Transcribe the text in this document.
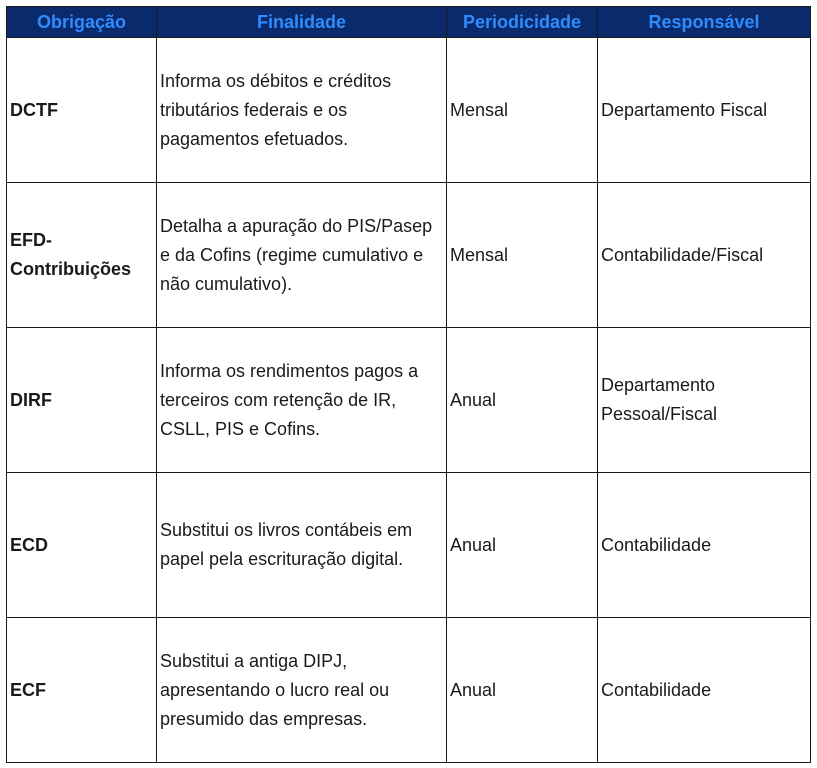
Obrigação	Finalidade	Periodicidade	Responsável
DCTF	Informa os débitos e créditos tributários federais e os pagamentos efetuados.	Mensal	Departamento Fiscal
EFD-Contribuições	Detalha a apuração do PIS/Pasep e da Cofins (regime cumulativo e não cumulativo).	Mensal	Contabilidade/Fiscal
DIRF	Informa os rendimentos pagos a terceiros com retenção de IR, CSLL, PIS e Cofins.	Anual	Departamento Pessoal/Fiscal
ECD	Substitui os livros contábeis em papel pela escrituração digital.	Anual	Contabilidade
ECF	Substitui a antiga DIPJ, apresentando o lucro real ou presumido das empresas.	Anual	Contabilidade
